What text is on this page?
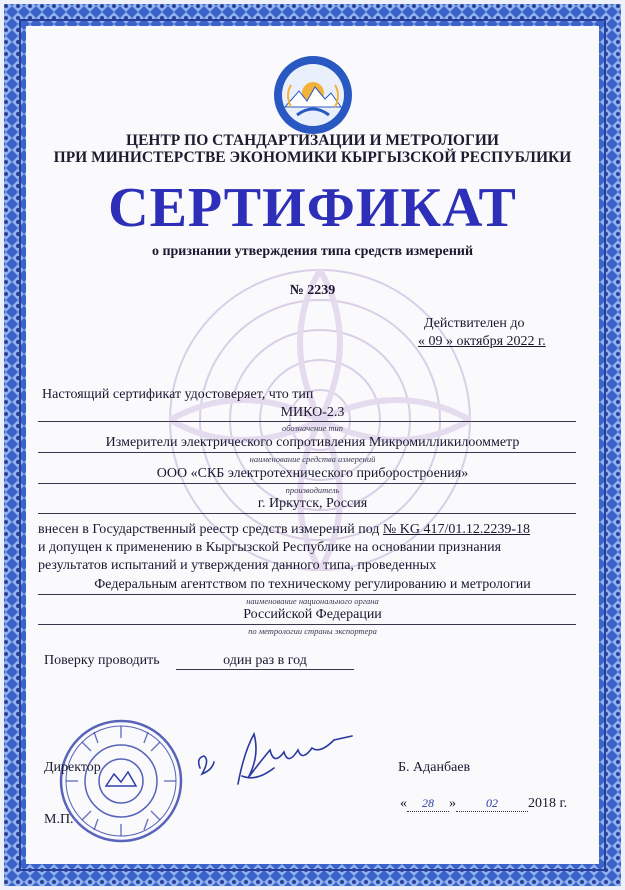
ЦЕНТР ПО СТАНДАРТИЗАЦИИ И МЕТРОЛОГИИ
ПРИ МИНИСТЕРСТВЕ ЭКОНОМИКИ КЫРГЫЗСКОЙ РЕСПУБЛИКИ
СЕРТИФИКАТ
о признании утверждения типа средств измерений
№ 2239
Действителен до
« 09 » октября 2022 г.
Настоящий сертификат удостоверяет, что тип
МИКО-2.3
обозначение тип
Измерители электрического сопротивления Микромилликилоомметр
наименование средства измерений
ООО «СКБ электротехнического приборостроения»
производитель
г. Иркутск, Россия
внесен в Государственный реестр средств измерений под № KG 417/01.12.2239-18
и допущен к применению в Кыргызской Республике на основании признания
результатов испытаний и утверждения данного типа, проведенных
Федеральным агентством по техническому регулированию и метрологии
наименование национального органа
Российской Федерации
по метрологии страны экспортера
Поверку проводить	один раз в год
Директор	Б. Аданбаев
« 28 »	02 2018 г.
М.П.
